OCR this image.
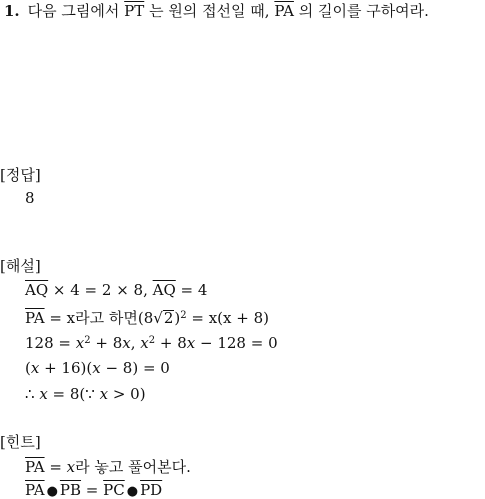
1. 다음 그림에서 $\overline{PT}$ 는 원의 접선일 때, $\overline{PA}$ 의 길이를 구하여라.
[정답]
8
[해설]
$\overline{AQ} \times 4 = 2 \times 8$, $\overline{AQ} = 4$
$\overline{PA} = x$라고 하면$(8√2)^2 = x(x + 8)$
$128 = x^2 + 8x$, $x^2 + 8x - 128 = 0$
(x + 16)(x − 8) = 0
∴ x = 8(∵ x > 0)
[힌트]
$\overline{PA} = x$라 놓고 풀어본다.
$\overline{PA}$ ● $\overline{PB} = \overline{PC}$ ● $\overline{PD}$
